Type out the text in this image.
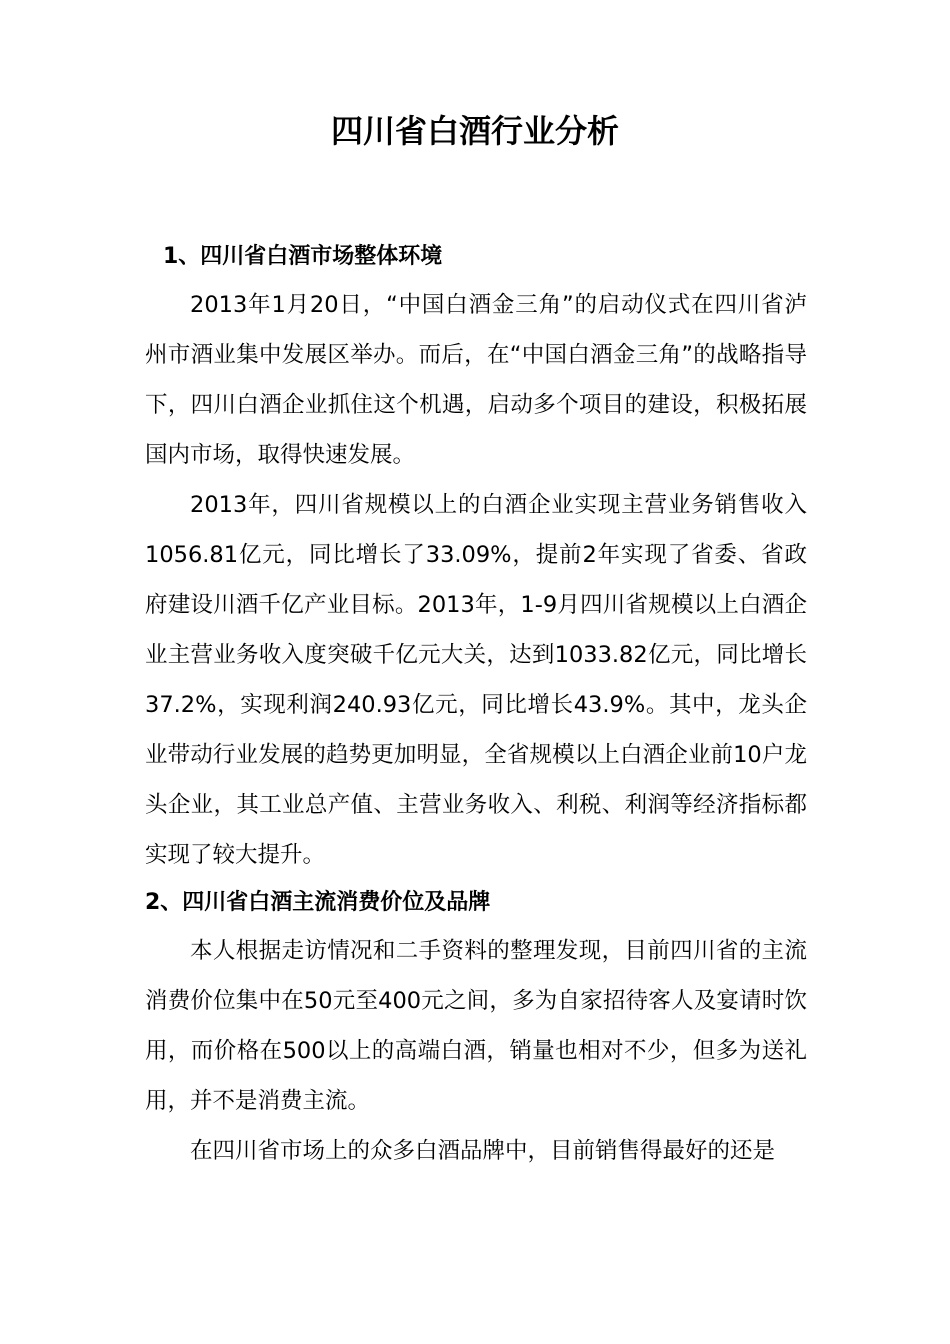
四川省白酒行业分析
1、四川省白酒市场整体环境

2013年1月20日，“中国白酒金三角”的启动仪式在四川省泸州市酒业集中发展区举办。而后，在“中国白酒金三角”的战略指导下，四川白酒企业抓住这个机遇，启动多个项目的建设，积极拓展国内市场，取得快速发展。

2013年，四川省规模以上的白酒企业实现主营业务销售收入1056.81亿元，同比增长了33.09%，提前2年实现了省委、省政府建设川酒千亿产业目标。2013年，1-9月四川省规模以上白酒企业主营业务收入度突破千亿元大关，达到1033.82亿元，同比增长37.2%，实现利润240.93亿元，同比增长43.9%。其中，龙头企业带动行业发展的趋势更加明显，全省规模以上白酒企业前10户龙头企业，其工业总产值、主营业务收入、利税、利润等经济指标都实现了较大提升。

2、四川省白酒主流消费价位及品牌

本人根据走访情况和二手资料的整理发现，目前四川省的主流消费价位集中在50元至400元之间，多为自家招待客人及宴请时饮用，而价格在500以上的高端白酒，销量也相对不少，但多为送礼用，并不是消费主流。

在四川省市场上的众多白酒品牌中，目前销售得最好的还是
